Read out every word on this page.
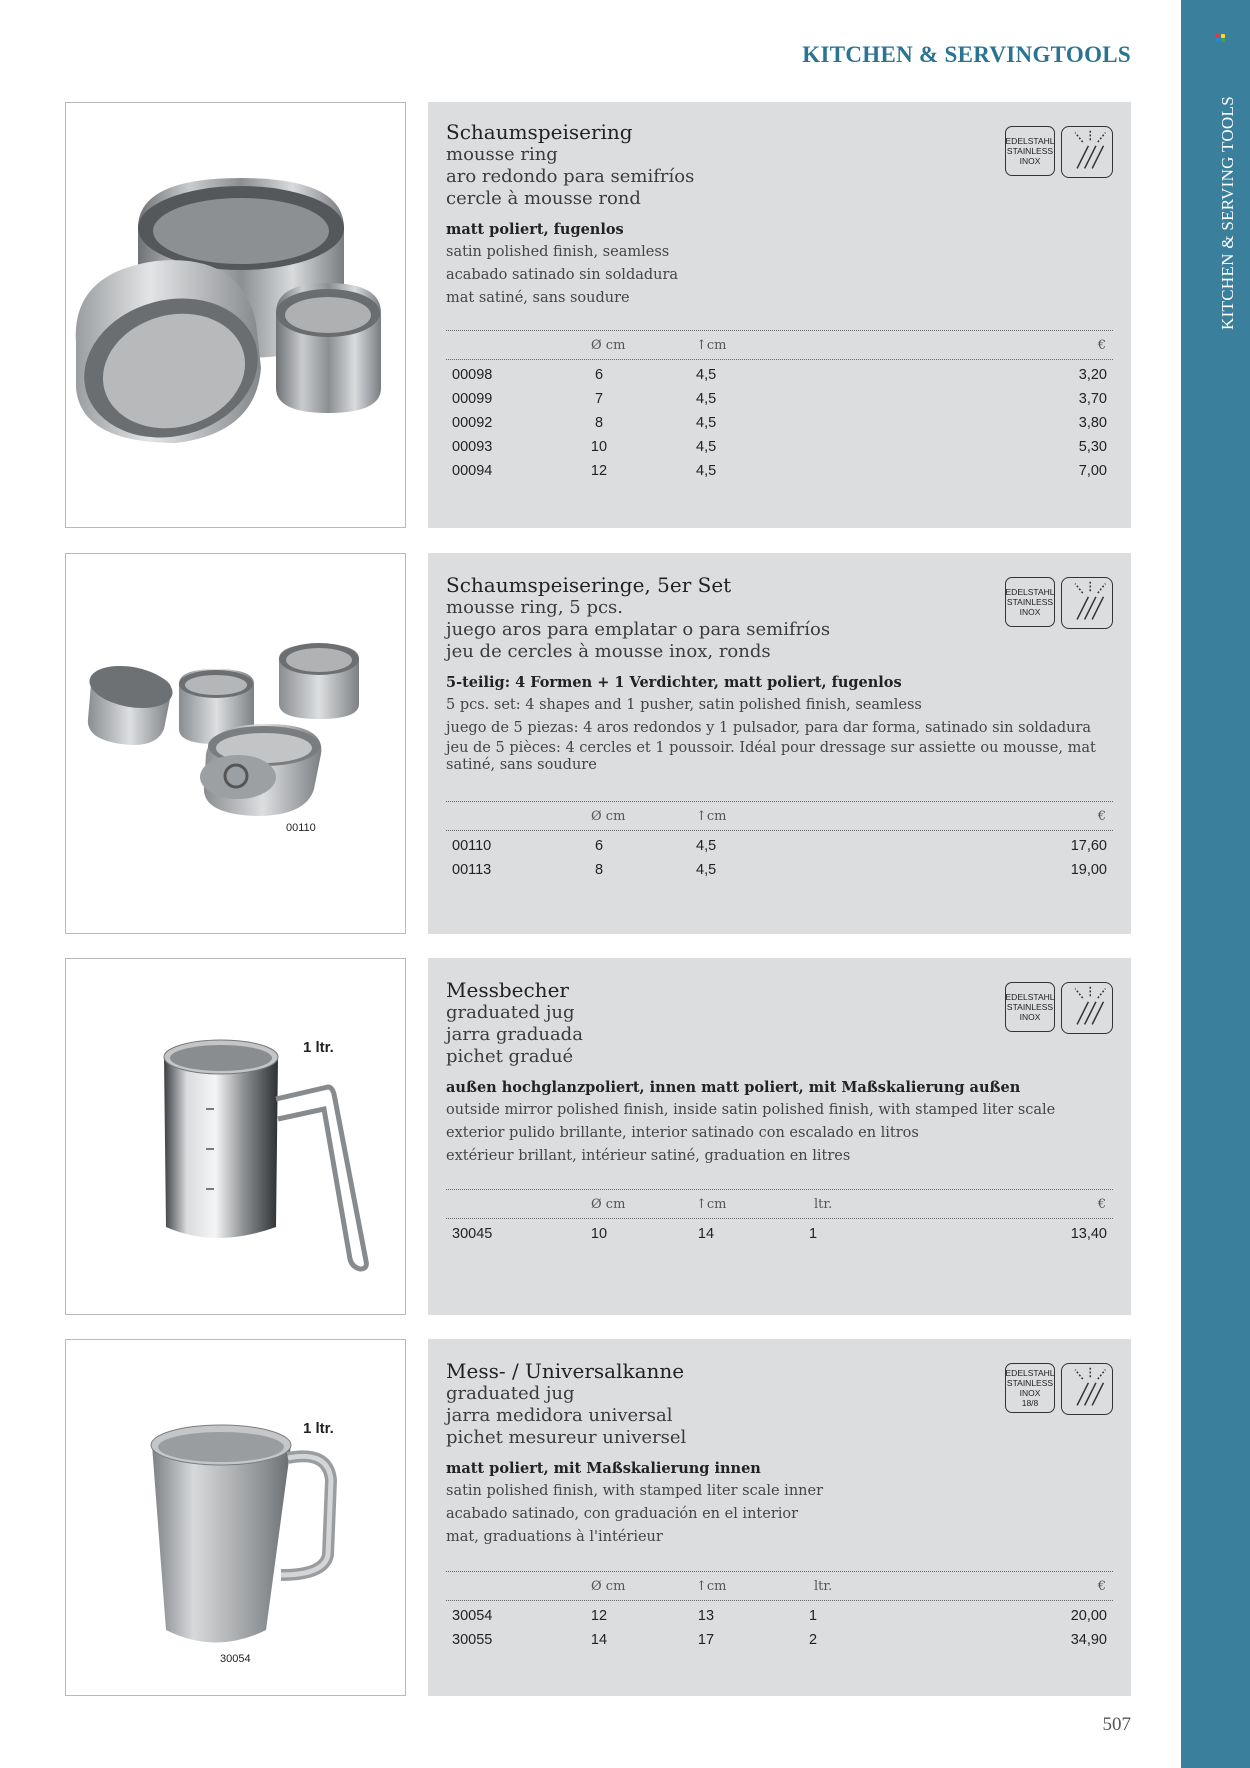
KITCHEN & SERVING TOOLS
KITCHEN & SERVINGTOOLS
EDELSTAHL
STAINLESS
INOX
Schaumspeisering
mousse ring
aro redondo para semifríos
cercle à mousse rond
matt poliert, fugenlos
satin polished finish, seamless
acabado satinado sin soldadura
mat satiné, sans soudure
Ø cm	↑cm	€
00098	6	4,5	3,20
00099	7	4,5	3,70
00092	8	4,5	3,80
00093	10	4,5	5,30
00094	12	4,5	7,00
00110
EDELSTAHL
STAINLESS
INOX
Schaumspeiseringe, 5er Set
mousse ring, 5 pcs.
juego aros para emplatar o para semifríos
jeu de cercles à mousse inox, ronds
5-teilig: 4 Formen + 1 Verdichter, matt poliert, fugenlos
5 pcs. set: 4 shapes and 1 pusher, satin polished finish, seamless
juego de 5 piezas: 4 aros redondos y 1 pulsador, para dar forma, satinado sin soldadura
jeu de 5 pièces: 4 cercles et 1 poussoir. Idéal pour dressage sur assiette ou mousse, mat satiné, sans soudure
Ø cm	↑cm	€
00110	6	4,5	17,60
00113	8	4,5	19,00
1 ltr.
EDELSTAHL
STAINLESS
INOX
Messbecher
graduated jug
jarra graduada
pichet gradué
außen hochglanzpoliert, innen matt poliert, mit Maßskalierung außen
outside mirror polished finish, inside satin polished finish, with stamped liter scale
exterior pulido brillante, interior satinado con escalado en litros
extérieur brillant, intérieur satiné, graduation en litres
Ø cm	↑cm	ltr.	€
30045	10	14	1	13,40
1 ltr.
30054
EDELSTAHL
STAINLESS
INOX
18/8
Mess- / Universalkanne
graduated jug
jarra medidora universal
pichet mesureur universel
matt poliert, mit Maßskalierung innen
satin polished finish, with stamped liter scale inner
acabado satinado, con graduación en el interior
mat, graduations à l'intérieur
Ø cm	↑cm	ltr.	€
30054	12	13	1	20,00
30055	14	17	2	34,90
507
